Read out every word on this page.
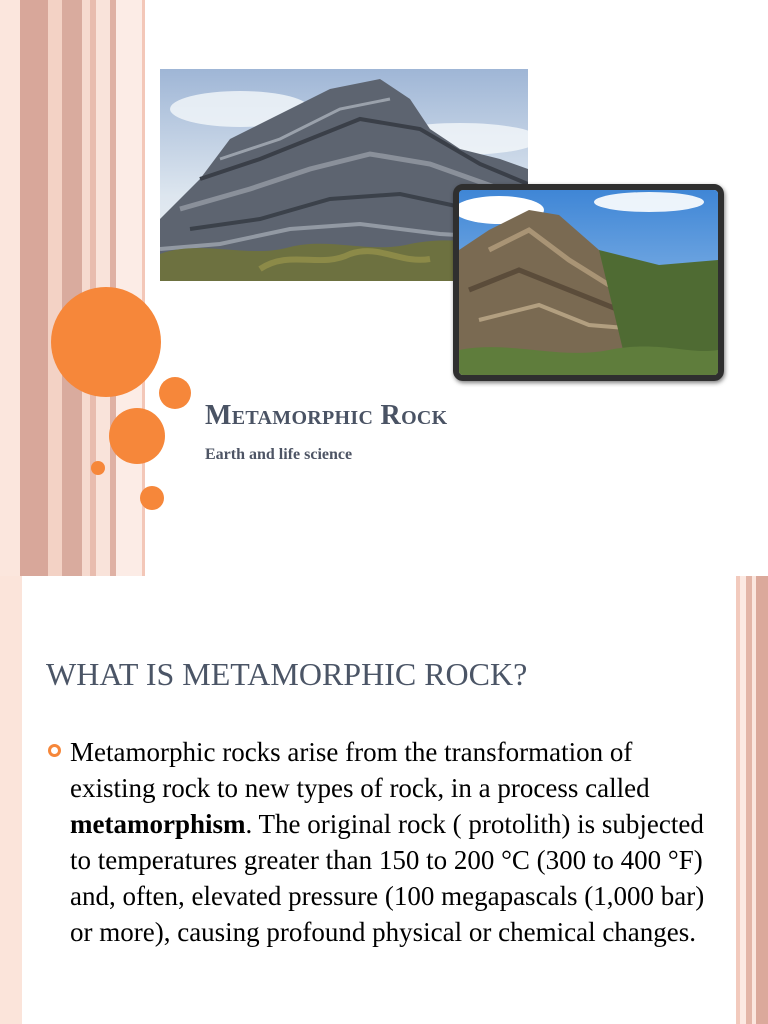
Metamorphic Rock
Earth and life science
WHAT IS METAMORPHIC ROCK?
Metamorphic rocks arise from the transformation of existing rock to new types of rock, in a process called metamorphism. The original rock ( protolith) is subjected to temperatures greater than 150 to 200 °C (300 to 400 °F) and, often, elevated pressure (100 megapascals (1,000 bar) or more), causing profound physical or chemical changes.
